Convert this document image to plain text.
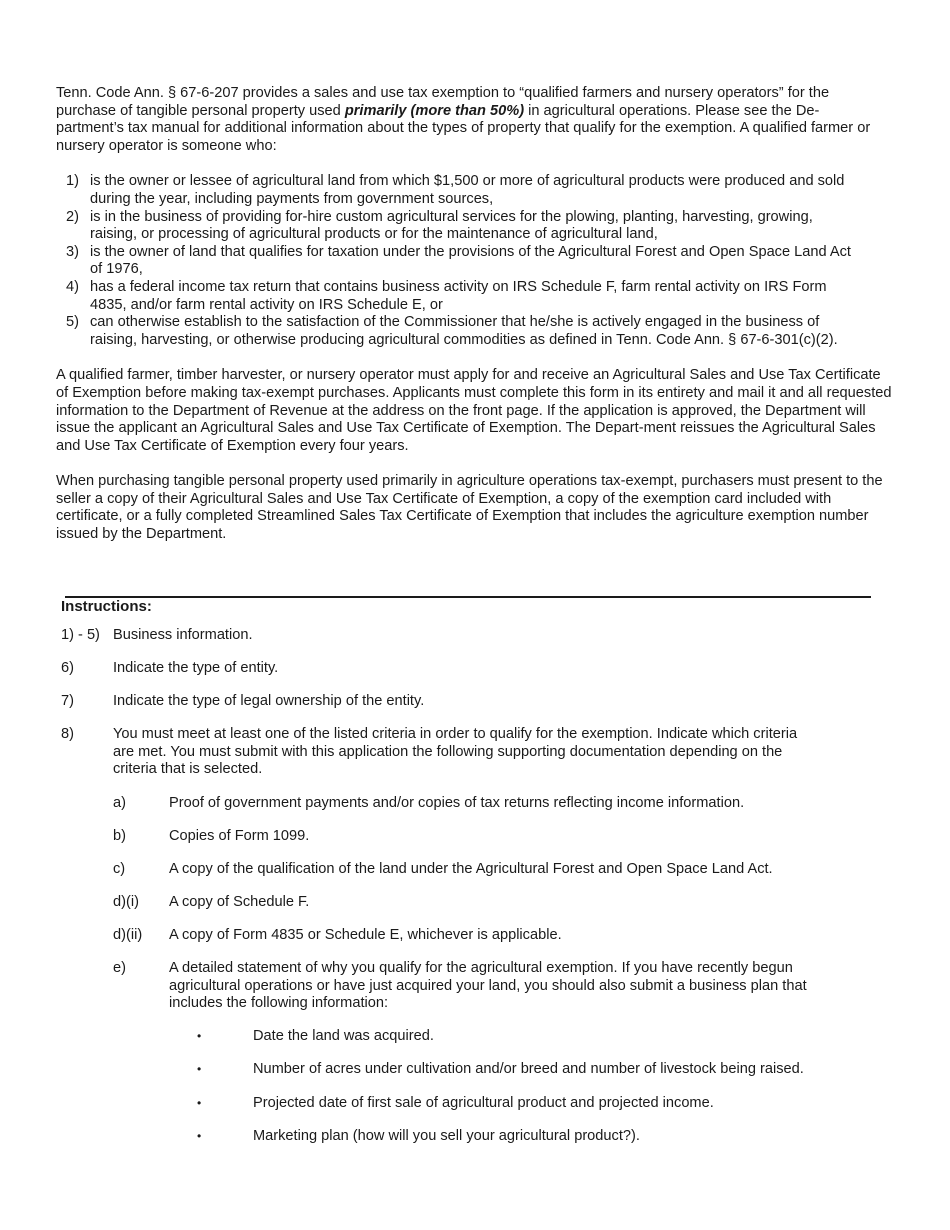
Tenn. Code Ann. § 67-6-207 provides a sales and use tax exemption to “qualified farmers and nursery operators” for the purchase of tangible personal property used primarily (more than 50%) in agricultural operations. Please see the De-partment’s tax manual for additional information about the types of property that qualify for the exemption. A qualified farmer or nursery operator is someone who:

1) is the owner or lessee of agricultural land from which $1,500 or more of agricultural products were produced and sold during the year, including payments from government sources,
2) is in the business of providing for-hire custom agricultural services for the plowing, planting, harvesting, growing, raising, or processing of agricultural products or for the maintenance of agricultural land,
3) is the owner of land that qualifies for taxation under the provisions of the Agricultural Forest and Open Space Land Act of 1976,
4) has a federal income tax return that contains business activity on IRS Schedule F, farm rental activity on IRS Form 4835, and/or farm rental activity on IRS Schedule E, or
5) can otherwise establish to the satisfaction of the Commissioner that he/she is actively engaged in the business of raising, harvesting, or otherwise producing agricultural commodities as defined in Tenn. Code Ann. § 67-6-301(c)(2).

A qualified farmer, timber harvester, or nursery operator must apply for and receive an Agricultural Sales and Use Tax Certificate of Exemption before making tax-exempt purchases. Applicants must complete this form in its entirety and mail it and all requested information to the Department of Revenue at the address on the front page. If the application is approved, the Department will issue the applicant an Agricultural Sales and Use Tax Certificate of Exemption. The Depart-ment reissues the Agricultural Sales and Use Tax Certificate of Exemption every four years.

When purchasing tangible personal property used primarily in agriculture operations tax-exempt, purchasers must present to the seller a copy of their Agricultural Sales and Use Tax Certificate of Exemption, a copy of the exemption card included with certificate, or a fully completed Streamlined Sales Tax Certificate of Exemption that includes the agriculture exemption number issued by the Department.

Instructions:
1) - 5) Business information.
6)	Indicate the type of entity.
7)	Indicate the type of legal ownership of the entity.
8)	You must meet at least one of the listed criteria in order to qualify for the exemption. Indicate which criteria are met. You must submit with this application the following supporting documentation depending on the criteria that is selected.
a)	Proof of government payments and/or copies of tax returns reflecting income information.
b)	Copies of Form 1099.
c)	A copy of the qualification of the land under the Agricultural Forest and Open Space Land Act.
d)(i) A copy of Schedule F.
d)(ii) A copy of Form 4835 or Schedule E, whichever is applicable.
e)	A detailed statement of why you qualify for the agricultural exemption. If you have recently begun agricultural operations or have just acquired your land, you should also submit a business plan that includes the following information:
•	Date the land was acquired.
•	Number of acres under cultivation and/or breed and number of livestock being raised.
•	Projected date of first sale of agricultural product and projected income.
•	Marketing plan (how will you sell your agricultural product?).
